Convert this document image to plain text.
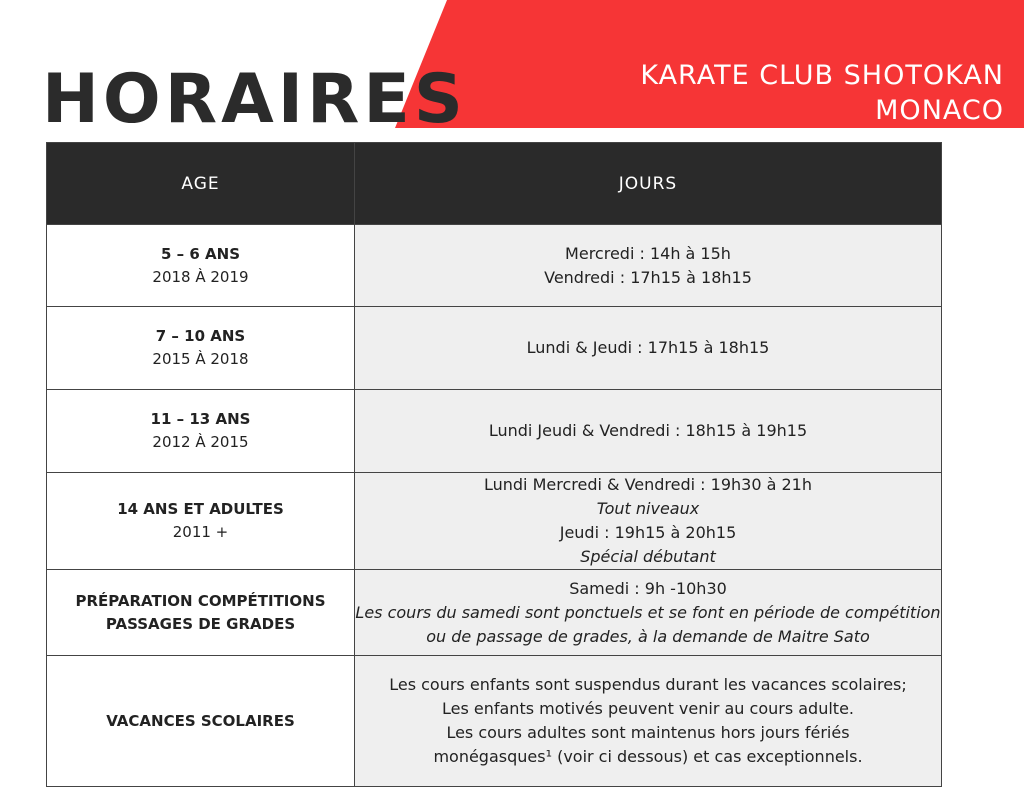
HORAIRES	KARATE CLUB SHOTOKAN
MONACO
AGE	JOURS

5 – 6 ANS
2018 À 2019	Mercredi : 14h à 15h
Vendredi : 17h15 à 18h15

7 – 10 ANS
2015 À 2018	Lundi & Jeudi : 17h15 à 18h15

11 – 13 ANS
2012 À 2015	Lundi Jeudi & Vendredi : 18h15 à 19h15

14 ANS ET ADULTES
2011 +	Lundi Mercredi & Vendredi : 19h30 à 21h
Tout niveaux
Jeudi : 19h15 à 20h15
Spécial débutant

PRÉPARATION COMPÉTITIONS
PASSAGES DE GRADES	Samedi : 9h -10h30
Les cours du samedi sont ponctuels et se font en période de compétition
ou de passage de grades, à la demande de Maitre Sato

VACANCES SCOLAIRES	Les cours enfants sont suspendus durant les vacances scolaires;
Les enfants motivés peuvent venir au cours adulte.
Les cours adultes sont maintenus hors jours fériés
monégasques¹ (voir ci dessous) et cas exceptionnels.
